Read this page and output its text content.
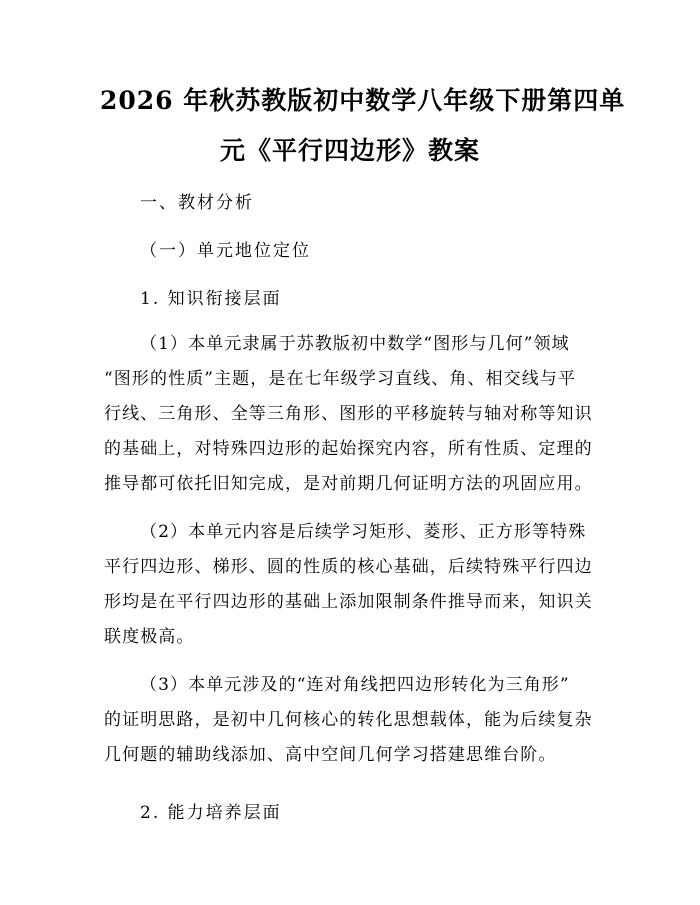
2026 年秋苏教版初中数学八年级下册第四单
元《平行四边形》教案
一、教材分析
（一）单元地位定位
1. 知识衔接层面
（1）本单元隶属于苏教版初中数学“图形与几何”领域
“图形的性质”主题，是在七年级学习直线、角、相交线与平
行线、三角形、全等三角形、图形的平移旋转与轴对称等知识
的基础上，对特殊四边形的起始探究内容，所有性质、定理的
推导都可依托旧知完成，是对前期几何证明方法的巩固应用。
（2）本单元内容是后续学习矩形、菱形、正方形等特殊
平行四边形、梯形、圆的性质的核心基础，后续特殊平行四边
形均是在平行四边形的基础上添加限制条件推导而来，知识关
联度极高。
（3）本单元涉及的“连对角线把四边形转化为三角形”
的证明思路，是初中几何核心的转化思想载体，能为后续复杂
几何题的辅助线添加、高中空间几何学习搭建思维台阶。
2. 能力培养层面
